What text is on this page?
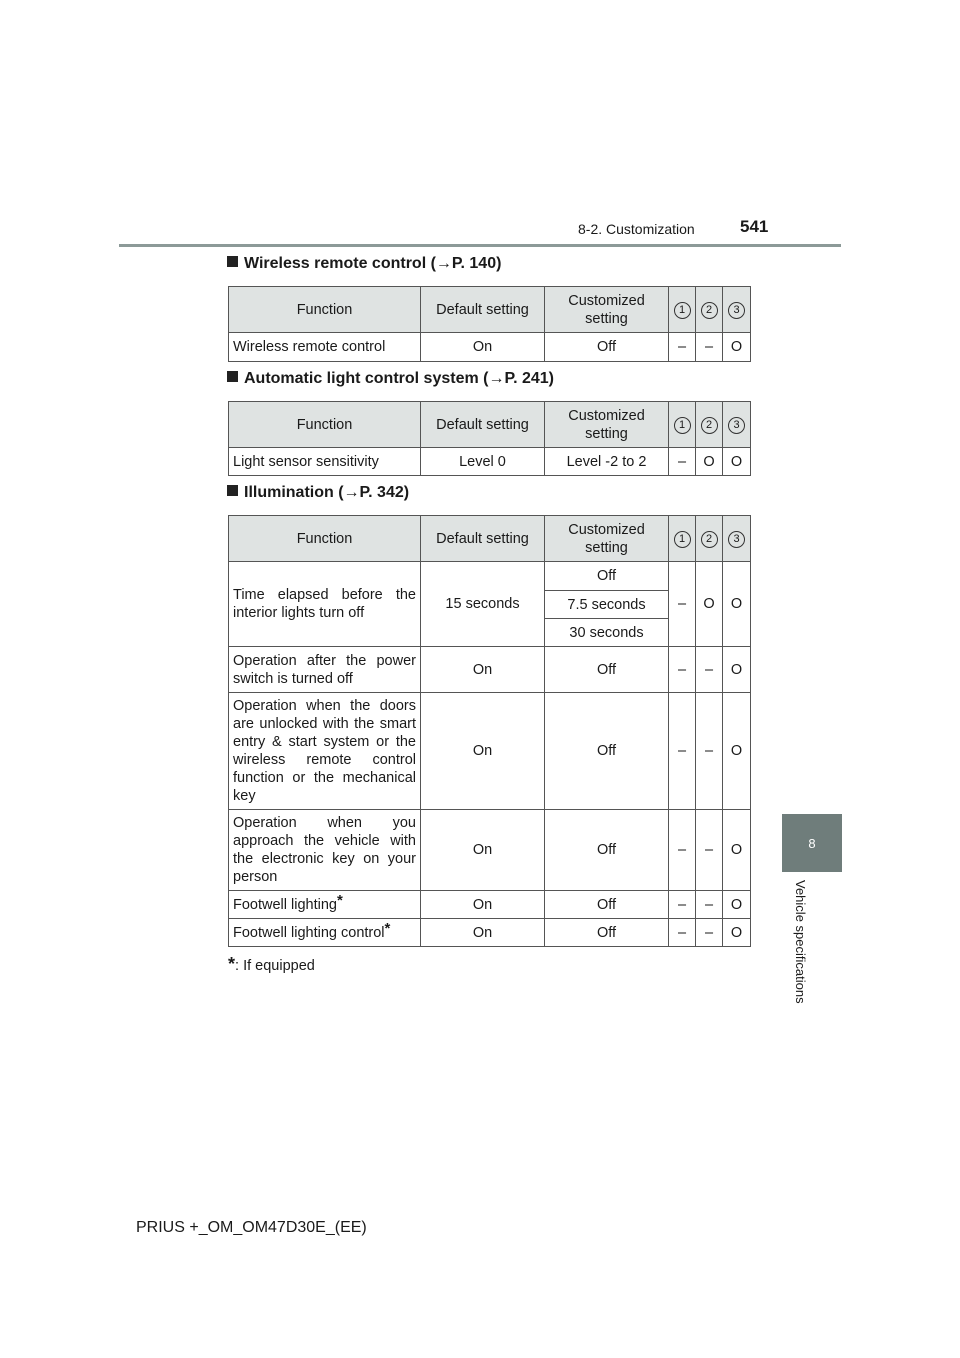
8-2. Customization	541
8
Vehicle specifications
Wireless remote control (→P. 140)
Function	Default setting	Customized setting	1	2	3
Wireless remote control	On	Off	–	–	O
Automatic light control system (→P. 241)
Function	Default setting	Customized setting	1	2	3
Light sensor sensitivity	Level 0	Level -2 to 2	–	O	O
Illumination (→P. 342)
Function	Default setting	Customized setting	1	2	3
Time elapsed before the interior lights turn off	15 seconds	Off	–	O	O
		7.5 seconds			
		30 seconds			
Operation after the power switch is turned off	On	Off	–	–	O
Operation when the doors are unlocked with the smart entry & start system or the wireless remote control function or the mechanical key	On	Off	–	–	O
Operation when you approach the vehicle with the electronic key on your person	On	Off	–	–	O
Footwell lighting*	On	Off	–	–	O
Footwell lighting control*	On	Off	–	–	O
*: If equipped
PRIUS +_OM_OM47D30E_(EE)
